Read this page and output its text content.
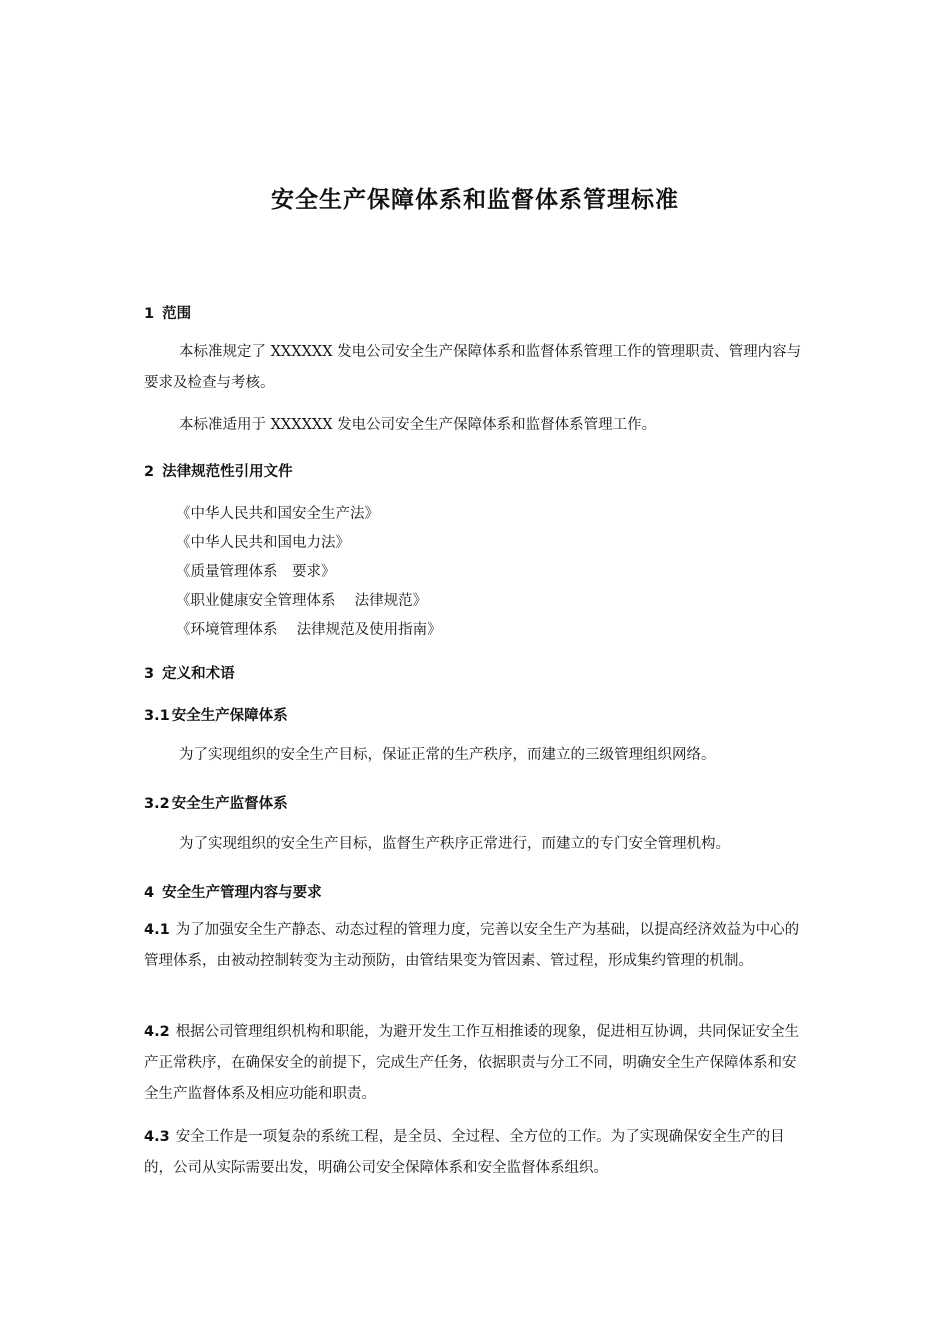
安全生产保障体系和监督体系管理标准
1 范围
本标准规定了 XXXXXX 发电公司安全生产保障体系和监督体系管理工作的管理职责、管理内容与要求及检查与考核。
本标准适用于 XXXXXX 发电公司安全生产保障体系和监督体系管理工作。
2 法律规范性引用文件
《中华人民共和国安全生产法》
《中华人民共和国电力法》
《质量管理体系　要求》
《职业健康安全管理体系　 法律规范》
《环境管理体系　 法律规范及使用指南》
3 定义和术语
3.1 安全生产保障体系
为了实现组织的安全生产目标，保证正常的生产秩序，而建立的三级管理组织网络。
3.2 安全生产监督体系
为了实现组织的安全生产目标，监督生产秩序正常进行，而建立的专门安全管理机构。
4 安全生产管理内容与要求
4.1 为了加强安全生产静态、动态过程的管理力度，完善以安全生产为基础，以提高经济效益为中心的管理体系，由被动控制转变为主动预防，由管结果变为管因素、管过程，形成集约管理的机制。
4.2 根据公司管理组织机构和职能，为避开发生工作互相推诿的现象，促进相互协调，共同保证安全生产正常秩序，在确保安全的前提下，完成生产任务，依据职责与分工不同，明确安全生产保障体系和安全生产监督体系及相应功能和职责。
4.3 安全工作是一项复杂的系统工程，是全员、全过程、全方位的工作。为了实现确保安全生产的目的，公司从实际需要出发，明确公司安全保障体系和安全监督体系组织。
